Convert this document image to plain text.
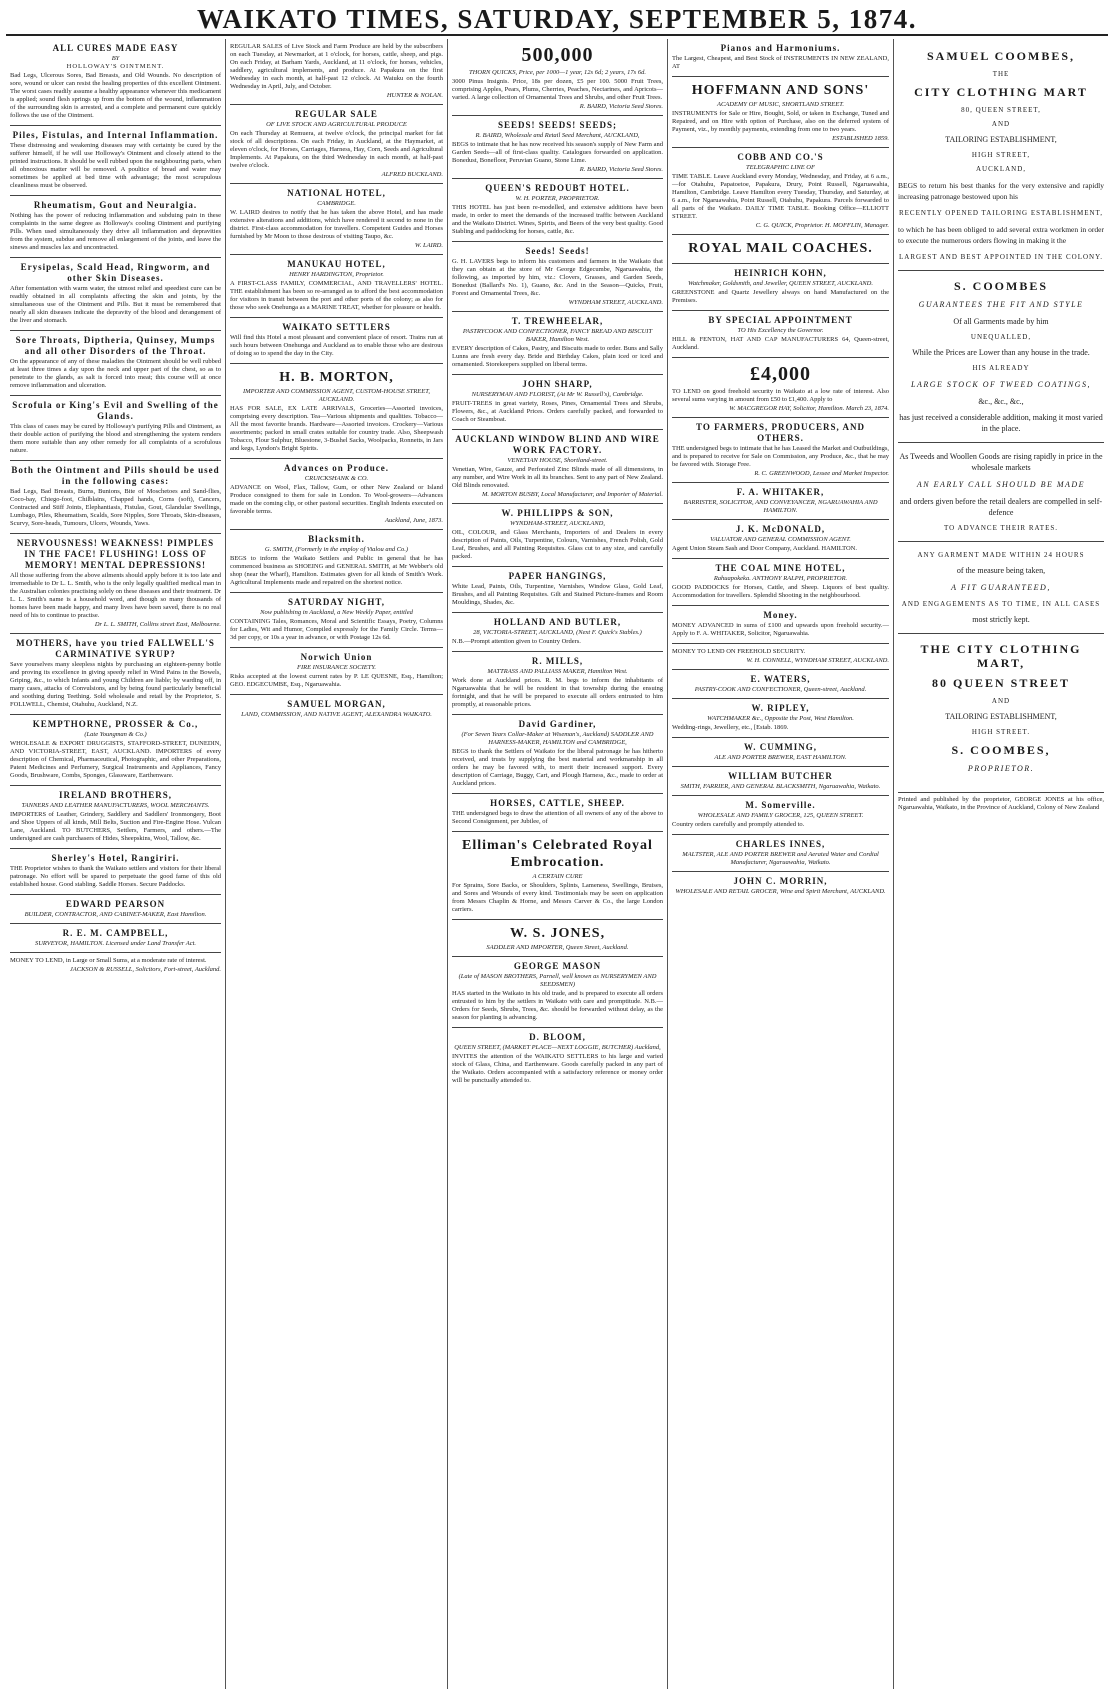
WAIKATO TIMES, SATURDAY, SEPTEMBER 5, 1874.
ALL CURES MADE EASY
BY
HOLLOWAY'S OINTMENT.
Bad Legs, Ulcerous Sores, Bad Breasts, and Old Wounds. No description of sore, wound or ulcer can resist the healing properties of this excellent Ointment. The worst cases readily assume a healthy appearance whenever this medicament is applied; sound flesh springs up from the bottom of the wound, inflammation of the surrounding skin is arrested, and a complete and permanent cure quickly follows the use of the Ointment.
Piles, Fistulas, and Internal Inflammation.
These distressing and weakening diseases may with certainty be cured by the sufferer himself, if he will use Holloway's Ointment and closely attend to the printed instructions. It should be well rubbed upon the neighbouring parts, when all obnoxious matter will be removed. A poultice of bread and water may sometimes be applied at bed time with advantage; the most scrupulous cleanliness must be observed.
Rheumatism, Gout and Neuralgia.
Nothing has the power of reducing inflammation and subduing pain in these complaints in the same degree as Holloway's cooling Ointment and purifying Pills. When used simultaneously they drive all inflammation and depravities from the system, subdue and remove all enlargement of the joints, and leave the sinews and muscles lax and uncontracted.
Erysipelas, Scald Head, Ringworm, and other Skin Diseases.
After fomentation with warm water, the utmost relief and speediest cure can be readily obtained in all complaints affecting the skin and joints, by the simultaneous use of the Ointment and Pills. But it must be remembered that nearly all skin diseases indicate the depravity of the blood and derangement of the liver and stomach.
Sore Throats, Diptheria, Quinsey, Mumps and all other Disorders of the Throat.
On the appearance of any of these maladies the Ointment should be well rubbed at least three times a day upon the neck and upper part of the chest, so as to penetrate to the glands, as salt is forced into meat; this course will at once remove inflammation and ulceration.
Scrofula or King's Evil and Swelling of the Glands.
This class of cases may be cured by Holloway's purifying Pills and Ointment, as their double action of purifying the blood and strengthening the system renders them more suitable than any other remedy for all complaints of a scrofulous nature.
Both the Ointment and Pills should be used in the following cases:
Bad Legs, Bad Breasts, Burns, Bunions, Bite of Moschetoes and Sand-flies, Coco-bay, Chiego-foot, Chilblains, Chapped hands, Corns (soft), Cancers, Contracted and Stiff Joints, Elephantiasis, Fistulas, Gout, Glandular Swellings, Lumbago, Piles, Rheumatism, Scalds, Sore Nipples, Sore Throats, Skin-diseases, Scurvy, Sore-heads, Tumours, Ulcers, Wounds, Yaws.
NERVOUSNESS! WEAKNESS! PIMPLES IN THE FACE! FLUSHING! LOSS OF MEMORY! MENTAL DEPRESSIONS!
All those suffering from the above ailments should apply before it is too late and irremediable to Dr L. L. Smith, who is the only legally qualified medical man in the Australian colonies practising solely on these diseases and their treatment. Dr L. L. Smith's name is a household word, and though so many thousands of homes have been made happy, and many lives have been saved, there is no real need of his to continue to practise.
Dr L. L. SMITH, Collins street East, Melbourne.
MOTHERS, have you tried FALLWELL'S CARMINATIVE SYRUP?
Save yourselves many sleepless nights by purchasing an eighteen-penny bottle and proving its excellence in giving speedy relief in Wind Pains in the Bowels, Griping, &c., to which Infants and young Children are liable; by warding off, in many cases, attacks of Convulsions, and by being found particularly beneficial and soothing during Teething. Sold wholesale and retail by the Proprietor, S. FOLLWELL, Chemist, Otahuhu, Auckland, N.Z.
KEMPTHORNE, PROSSER & Co.,
(Late Youngman & Co.)
WHOLESALE & EXPORT DRUGGISTS, STAFFORD-STREET, DUNEDIN, AND VICTORIA-STREET, EAST, AUCKLAND. IMPORTERS of every description of Chemical, Pharmaceutical, Photographic, and other Preparations, Patent Medicines and Perfumery, Surgical Instruments and Appliances, Fancy Goods, Brushware, Combs, Sponges, Glassware, Earthenware.
IRELAND BROTHERS,
TANNERS AND LEATHER MANUFACTURERS, WOOL MERCHANTS.
IMPORTERS of Leather, Grindery, Saddlery and Saddlers' Ironmongery, Boot and Shoe Uppers of all kinds, Mill Belts, Suction and Fire-Engine Hose. Vulcan Lane, Auckland. TO BUTCHERS, Settlers, Farmers, and others.—The undersigned are cash purchasers of Hides, Sheepskins, Wool, Tallow, &c.
Sherley's Hotel, Rangiriri.
THE Proprietor wishes to thank the Waikato settlers and visitors for their liberal patronage. No effort will be spared to perpetuate the good fame of this old established house. Good stabling. Saddle Horses. Secure Paddocks.
EDWARD PEARSON
BUILDER, CONTRACTOR, AND CABINET-MAKER, East Hamilton.
R. E. M. CAMPBELL,
SURVEYOR, HAMILTON. Licensed under Land Transfer Act.
MONEY TO LEND, in Large or Small Sums, at a moderate rate of interest.
JACKSON & RUSSELL, Solicitors, Fort-street, Auckland.
REGULAR SALES of Live Stock and Farm Produce are held by the subscribers on each Tuesday, at Newmarket, at 1 o'clock, for horses, cattle, sheep, and pigs. On each Friday, at Barham Yards, Auckland, at 11 o'clock, for horses, vehicles, saddlery, agricultural implements, and produce. At Papakura on the first Wednesday in each month, at half-past 12 o'clock. At Waiuku on the fourth Wednesday in April, July, and October.
HUNTER & NOLAN.
REGULAR SALE
OF LIVE STOCK AND AGRICULTURAL PRODUCE
On each Thursday at Remuera, at twelve o'clock, the principal market for fat stock of all descriptions. On each Friday, in Auckland, at the Haymarket, at eleven o'clock, for Horses, Carriages, Harness, Hay, Corn, Seeds and Agricultural Implements. At Papakura, on the third Wednesday in each month, at half-past twelve o'clock.
ALFRED BUCKLAND.
NATIONAL HOTEL,
CAMBRIDGE.
W. LAIRD desires to notify that he has taken the above Hotel, and has made extensive alterations and additions, which have rendered it second to none in the district. First-class accommodation for travellers. Competent Guides and Horses furnished by Mr Moon to those desirous of visiting Taupo, &c.
W. LAIRD.
MANUKAU HOTEL,
HENRY HARDINGTON, Proprietor.
A FIRST-CLASS FAMILY, COMMERCIAL, AND TRAVELLERS' HOTEL. THE establishment has been so re-arranged as to afford the best accommodation for visitors in transit between the port and other ports of the colony; as also for those who seek Onehunga as a MARINE TREAT, whether for pleasure or health.
WAIKATO SETTLERS
Will find this Hotel a most pleasant and convenient place of resort. Trains run at such hours between Onehunga and Auckland as to enable those who are desirous of doing so to spend the day in the City.
H. B. MORTON,
IMPORTER AND COMMISSION AGENT, CUSTOM-HOUSE STREET, AUCKLAND.
HAS FOR SALE, EX LATE ARRIVALS, Groceries—Assorted invoices, comprising every description. Tea—Various shipments and qualities. Tobacco—All the most favorite brands. Hardware—Assorted invoices. Crockery—Various assortments; packed in small crates suitable for country trade. Also, Sheepwash Tobacco, Flour Sulphur, Bluestone, 3-Bushel Sacks, Woolpacks, Ronnetts, in Jars and kegs, Lyndon's Bright Spirits.
Advances on Produce.
CRUICKSHANK & CO.
ADVANCE on Wool, Flax, Tallow, Gum, or other New Zealand or Island Produce consigned to them for sale in London. To Wool-growers—Advances made on the coming clip, or other pastoral securities. English Indents executed on favorable terms.
Auckland, June, 1873.
Blacksmith.
G. SMITH, (Formerly in the employ of Vialou and Co.)
BEGS to inform the Waikato Settlers and Public in general that he has commenced business as SHOEING and GENERAL SMITH, at Mr Webber's old shop (near the Wharf), Hamilton. Estimates given for all kinds of Smith's Work. Agricultural Implements made and repaired on the shortest notice.
SATURDAY NIGHT,
Now publishing in Auckland, a New Weekly Paper, entitled
CONTAINING Tales, Romances, Moral and Scientific Essays, Poetry, Columns for Ladies, Wit and Humor, Compiled expressly for the Family Circle. Terms—3d per copy, or 10s a year in advance, or with Postage 12s 6d.
Norwich Union
FIRE INSURANCE SOCIETY.
Risks accepted at the lowest current rates by P. LE QUESNE, Esq., Hamilton; GEO. EDGECUMBE, Esq., Ngaruawahia.
SAMUEL MORGAN,
LAND, COMMISSION, AND NATIVE AGENT, ALEXANDRA WAIKATO.
500,000
THORN QUICKS, Price, per 1000—1 year, 12s 6d; 2 years, 17s 6d.
3000 Pinus Insignis. Price, 18s per dozen, £5 per 100. 5000 Fruit Trees, comprising Apples, Pears, Plums, Cherries, Peaches, Nectarines, and Apricots—varied. A large collection of Ornamental Trees and Shrubs, and other Fruit Trees.
R. BAIRD, Victoria Seed Stores.
SEEDS! SEEDS! SEEDS;
R. BAIRD, Wholesale and Retail Seed Merchant, AUCKLAND,
BEGS to intimate that he has now received his season's supply of New Farm and Garden Seeds—all of first-class quality. Catalogues forwarded on application. Bonedust, Bonefloor, Peruvian Guano, Stone Lime.
R. BAIRD, Victoria Seed Stores.
QUEEN'S REDOUBT HOTEL.
W. H. PORTER, PROPRIETOR.
THIS HOTEL has just been re-modelled, and extensive additions have been made, in order to meet the demands of the increased traffic between Auckland and the Waikato District. Wines, Spirits, and Beers of the very best quality. Good Stabling and paddocking for horses, cattle, &c.
Seeds! Seeds!
G. H. LAVERS begs to inform his customers and farmers in the Waikato that they can obtain at the store of Mr George Edgecumbe, Ngaruawahia, the following, as imported by him, viz.: Clovers, Grasses, and Garden Seeds, Bonedust (Ballard's No. 1), Guano, &c. And in the Season—Quicks, Fruit, Forest and Ornamental Trees, &c.
WYNDHAM STREET, AUCKLAND.
T. TREWHEELAR,
PASTRYCOOK AND CONFECTIONER, FANCY BREAD AND BISCUIT BAKER, Hamilton West.
EVERY description of Cakes, Pastry, and Biscuits made to order. Buns and Sally Lunns are fresh every day. Bride and Birthday Cakes, plain iced or iced and ornamented. Storekeepers supplied on liberal terms.
JOHN SHARP,
NURSERYMAN AND FLORIST, (At Mr W. Russell's), Cambridge.
FRUIT-TREES in great variety, Roses, Pines, Ornamental Trees and Shrubs, Flowers, &c., at Auckland Prices. Orders carefully packed, and forwarded to Coach or Steamboat.
AUCKLAND WINDOW BLIND AND WIRE WORK FACTORY.
VENETIAN HOUSE, Shortland-street.
Venetian, Wire, Gauze, and Perforated Zinc Blinds made of all dimensions, in any number, and Wire Work in all its branches. Sent to any part of New Zealand. Old Blinds renovated.
M. MORTON BUSBY, Local Manufacturer, and Importer of Material.
W. PHILLIPPS & SON,
WYNDHAM-STREET, AUCKLAND,
OIL, COLOUR, and Glass Merchants, Importers of and Dealers in every description of Paints, Oils, Turpentine, Colours, Varnishes, French Polish, Gold Leaf, Brushes, and all Painting Requisites. Glass cut to any size, and carefully packed.
PAPER HANGINGS,
White Lead, Paints, Oils, Turpentine, Varnishes, Window Glass, Gold Leaf, Brushes, and all Painting Requisites. Gilt and Stained Picture-frames and Room Mouldings, Shades, &c.
HOLLAND AND BUTLER,
28, VICTORIA-STREET, AUCKLAND, (Next F. Quick's Stables.)
N.B.—Prompt attention given to Country Orders.
R. MILLS,
MATTRASS AND PALLIASS MAKER, Hamilton West.
Work done at Auckland prices. R. M. begs to inform the inhabitants of Ngaruawahia that he will be resident in that township during the ensuing fortnight, and that he will be prepared to execute all orders entrusted to him promptly, at reasonable prices.
David Gardiner,
(For Seven Years Collar-Maker at Wiseman's, Auckland) SADDLER AND HARNESS-MAKER, HAMILTON and CAMBRIDGE,
BEGS to thank the Settlers of Waikato for the liberal patronage he has hitherto received, and trusts by supplying the best material and workmanship in all orders he may be favored with, to merit their increased support. Every description of Carriage, Buggy, Cart, and Plough Harness, &c., made to order at Auckland prices.
HORSES, CATTLE, SHEEP.
THE undersigned begs to draw the attention of all owners of any of the above to Second Consignment, per Jubilee, of
Elliman's Celebrated Royal Embrocation.
A CERTAIN CURE
For Sprains, Sore Backs, or Shoulders, Splints, Lameness, Swellings, Bruises, and Sores and Wounds of every kind. Testimonials may be seen on application from Messrs Chaplin & Horne, and Messrs Carver & Co., the large London carriers.
W. S. JONES,
SADDLER AND IMPORTER, Queen Street, Auckland.
GEORGE MASON
(Late of MASON BROTHERS, Parnell, well known as NURSERYMEN AND SEEDSMEN)
HAS started in the Waikato in his old trade, and is prepared to execute all orders entrusted to him by the settlers in Waikato with care and promptitude. N.B.—Orders for Seeds, Shrubs, Trees, &c. should be forwarded without delay, as the season for planting is advancing.
D. BLOOM,
QUEEN STREET, (MARKET PLACE—NEXT LOGGIE, BUTCHER) Auckland,
INVITES the attention of the WAIKATO SETTLERS to his large and varied stock of Glass, China, and Earthenware. Goods carefully packed in any part of the Waikato. Orders accompanied with a satisfactory reference or money order will be punctually attended to.
Pianos and Harmoniums.
The Largest, Cheapest, and Best Stock of INSTRUMENTS IN NEW ZEALAND, AT
HOFFMANN AND SONS'
ACADEMY OF MUSIC, SHORTLAND STREET.
INSTRUMENTS for Sale or Hire, Bought, Sold, or taken in Exchange, Tuned and Repaired, and on Hire with option of Purchase, also on the deferred system of Payment, viz., by monthly payments, extending from one to two years.
ESTABLISHED 1859.
COBB AND CO.'S
TELEGRAPHIC LINE OF
TIME TABLE. Leave Auckland every Monday, Wednesday, and Friday, at 6 a.m.,—for Otahuhu, Papatoetoe, Papakura, Drury, Point Russell, Ngaruawahia, Hamilton, Cambridge. Leave Hamilton every Tuesday, Thursday, and Saturday, at 6 a.m., for Ngaruawahia, Point Russell, Otahuhu, Papakura. Parcels forwarded to all parts of the Waikato. DAILY TIME TABLE. Booking Office—ELLIOTT STREET.
C. G. QUICK, Proprietor. H. MOFFLIN, Manager.
ROYAL MAIL COACHES.
HEINRICH KOHN,
Watchmaker, Goldsmith, and Jeweller, QUEEN STREET, AUCKLAND.
GREENSTONE and Quartz Jewellery always on hand Manufactured on the Premises.
BY SPECIAL APPOINTMENT
TO His Excellency the Governor.
HILL & FENTON, HAT AND CAP MANUFACTURERS 64, Queen-street, Auckland.
£4,000
TO LEND on good freehold security in Waikato at a low rate of interest. Also several sums varying in amount from £50 to £1,400. Apply to
W. MACGREGOR HAY, Solicitor, Hamilton. March 23, 1874.
TO FARMERS, PRODUCERS, AND OTHERS.
THE undersigned begs to intimate that he has Leased the Market and Outbuildings, and is prepared to receive for Sale on Commission, any Produce, &c., that he may be favored with. Storage Free.
R. C. GREENWOOD, Lessee and Market Inspector.
F. A. WHITAKER,
BARRISTER, SOLICITOR, AND CONVEYANCER, NGARUAWAHIA AND HAMILTON.
J. K. McDONALD,
VALUATOR AND GENERAL COMMISSION AGENT.
Agent Union Steam Sash and Door Company, Auckland. HAMILTON.
THE COAL MINE HOTEL,
Rahuapokeka. ANTHONY RALPH, PROPRIETOR.
GOOD PADDOCKS for Horses, Cattle, and Sheep. Liquors of best quality. Accommodation for travellers. Splendid Shooting in the neighbourhood.
Money.
MONEY ADVANCED in sums of £100 and upwards upon freehold security.—Apply to F. A. WHITAKER, Solicitor, Ngaruawahia.
MONEY TO LEND ON FREEHOLD SECURITY.
W. H. CONNELL, WYNDHAM STREET, AUCKLAND.
E. WATERS,
PASTRY-COOK AND CONFECTIONER, Queen-street, Auckland.
W. RIPLEY,
WATCHMAKER &c., Opposite the Post, West Hamilton.
Wedding-rings, Jewellery, etc., [Estab. 1869.
W. CUMMING,
ALE AND PORTER BREWER, EAST HAMILTON.
WILLIAM BUTCHER
SMITH, FARRIER, AND GENERAL BLACKSMITH, Ngaruawahia, Waikato.
M. Somerville.
WHOLESALE AND FAMILY GROCER, 125, QUEEN STREET.
Country orders carefully and promptly attended to.
CHARLES INNES,
MALTSTER, ALE AND PORTER BREWER and Aerated Water and Cordial Manufacturer, Ngaruawahia, Waikato.
JOHN C. MORRIN,
WHOLESALE AND RETAIL GROCER, Wine and Spirit Merchant, AUCKLAND.
SAMUEL COOMBES,
THE
CITY CLOTHING MART
80, QUEEN STREET,
AND
TAILORING ESTABLISHMENT,
HIGH STREET,
AUCKLAND,
BEGS to return his best thanks for the very extensive and rapidly increasing patronage bestowed upon his
RECENTLY OPENED TAILORING ESTABLISHMENT,
to which he has been obliged to add several extra workmen in order to execute the numerous orders flowing in making it the
LARGEST AND BEST APPOINTED IN THE COLONY.
S. COOMBES
GUARANTEES THE FIT AND STYLE
Of all Garments made by him
UNEQUALLED,
While the Prices are Lower than any house in the trade.
HIS ALREADY
LARGE STOCK OF TWEED COATINGS,
&c., &c., &c.,
has just received a considerable addition, making it most varied in the place.
As Tweeds and Woollen Goods are rising rapidly in price in the wholesale markets
AN EARLY CALL SHOULD BE MADE
and orders given before the retail dealers are compelled in self-defence
TO ADVANCE THEIR RATES.
ANY GARMENT MADE WITHIN 24 HOURS
of the measure being taken,
A FIT GUARANTEED,
AND ENGAGEMENTS AS TO TIME, IN ALL CASES
most strictly kept.
THE CITY CLOTHING MART,
80 QUEEN STREET
AND
TAILORING ESTABLISHMENT,
HIGH STREET.
S. COOMBES,
PROPRIETOR.
Printed and published by the proprietor, GEORGE JONES at his office, Ngaruawahia, Waikato, in the Province of Auckland, Colony of New Zealand
